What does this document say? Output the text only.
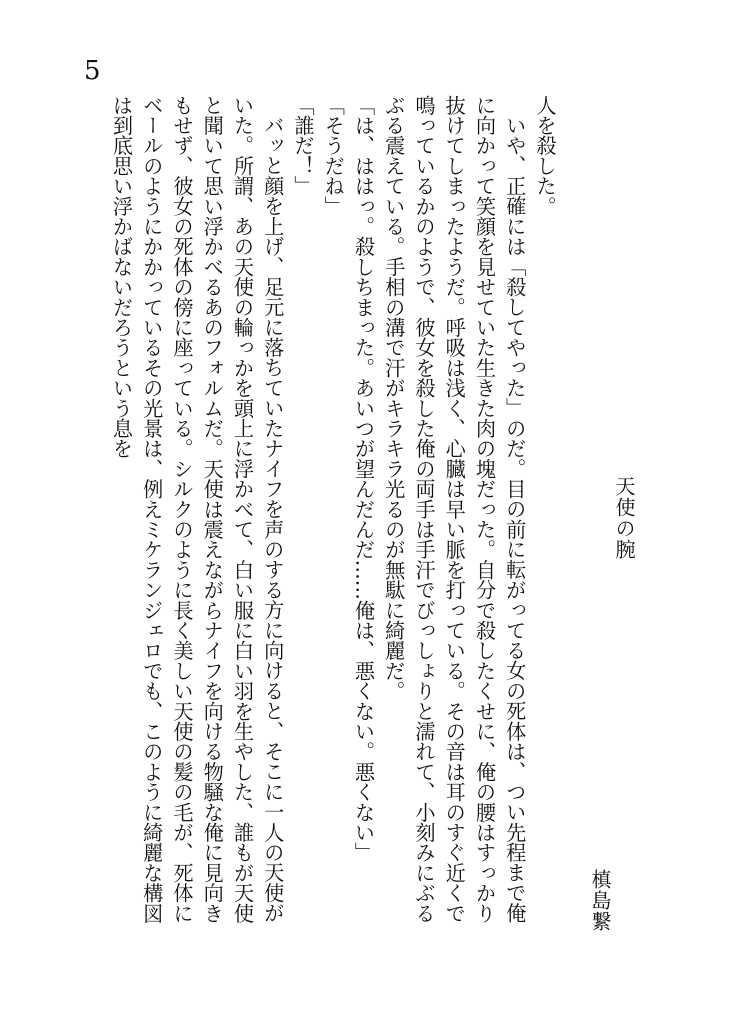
5
天使の腕
槙島繋

人を殺した。

いや、正確には「殺してやった」のだ。目の前に転がってる女の死体は、つい先程まで俺に向かって笑顔を見せていた生きた肉の塊だった。自分で殺したくせに、俺の腰はすっかり抜けてしまったようだ。呼吸は浅く、心臓は早い脈を打っている。その音は耳のすぐ近くで鳴っているかのようで、彼女を殺した俺の両手は手汗でびっしょりと濡れて、小刻みにぶるぶる震えている。手相の溝で汗がキラキラ光るのが無駄に綺麗だ。

「は、ははっ。殺しちまった。あいつが望んだんだ……俺は、悪くない。悪くない」

「そうだね」

「誰だ！」

バッと顔を上げ、足元に落ちていたナイフを声のする方に向けると、そこに一人の天使がいた。所謂、あの天使の輪っかを頭上に浮かべて、白い服に白い羽を生やした、誰もが天使と聞いて思い浮かべるあのフォルムだ。天使は震えながらナイフを向ける物騒な俺に見向きもせず、彼女の死体の傍に座っている。シルクのように長く美しい天使の髪の毛が、死体にベールのようにかかっているその光景は、例えミケランジェロでも、このように綺麗な構図は到底思い浮かばないだろうという息を
